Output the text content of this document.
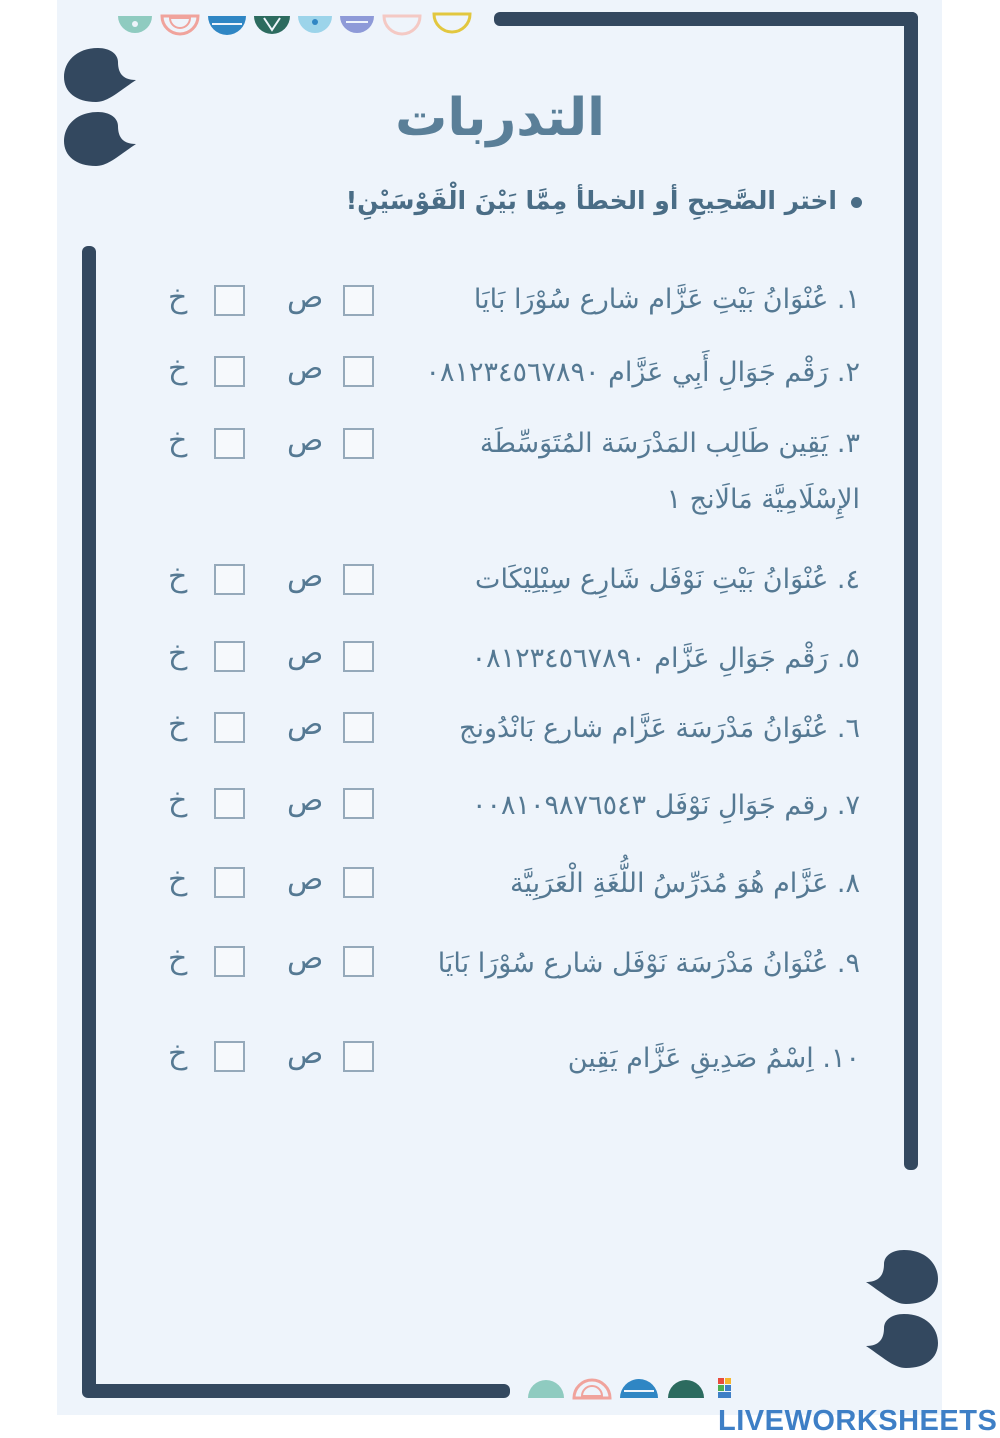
التدربات
اختر الصَّحِيحِ أو الخطأ مِمَّا بَيْنَ الْقَوْسَيْنِ!
١. عُنْوَانُ بَيْتِ عَزَّام شارع سُوْرَا بَايَا
ص
خ
٢. رَقْم جَوَالِ أَبِي عَزَّام ٠٨١٢٣٤٥٦٧٨٩٠
ص
خ
٣. يَقِين طَالِب المَدْرَسَة المُتَوَسِّطَة
الإِسْلَامِيَّة مَالَانج ١
ص
خ
٤. عُنْوَانُ بَيْتِ نَوْفَل شَارِع سِيْلِيْكَات
ص
خ
٥. رَقْم جَوَالِ عَزَّام ٠٨١٢٣٤٥٦٧٨٩٠
ص
خ
٦. عُنْوَانُ مَدْرَسَة عَزَّام شارع بَانْدُونج
ص
خ
٧. رقم جَوَالِ نَوْفَل ٠٠٨١٠٩٨٧٦٥٤٣
ص
خ
٨. عَزَّام هُوَ مُدَرِّسُ اللُّغَةِ الْعَرَبِيَّة
ص
خ
٩. عُنْوَانُ مَدْرَسَة نَوْفَل شارع سُوْرَا بَايَا
ص
خ
١٠. اِسْمُ صَدِيقِ عَزَّام يَقِين
ص
خ
LIVEWORKSHEETS
